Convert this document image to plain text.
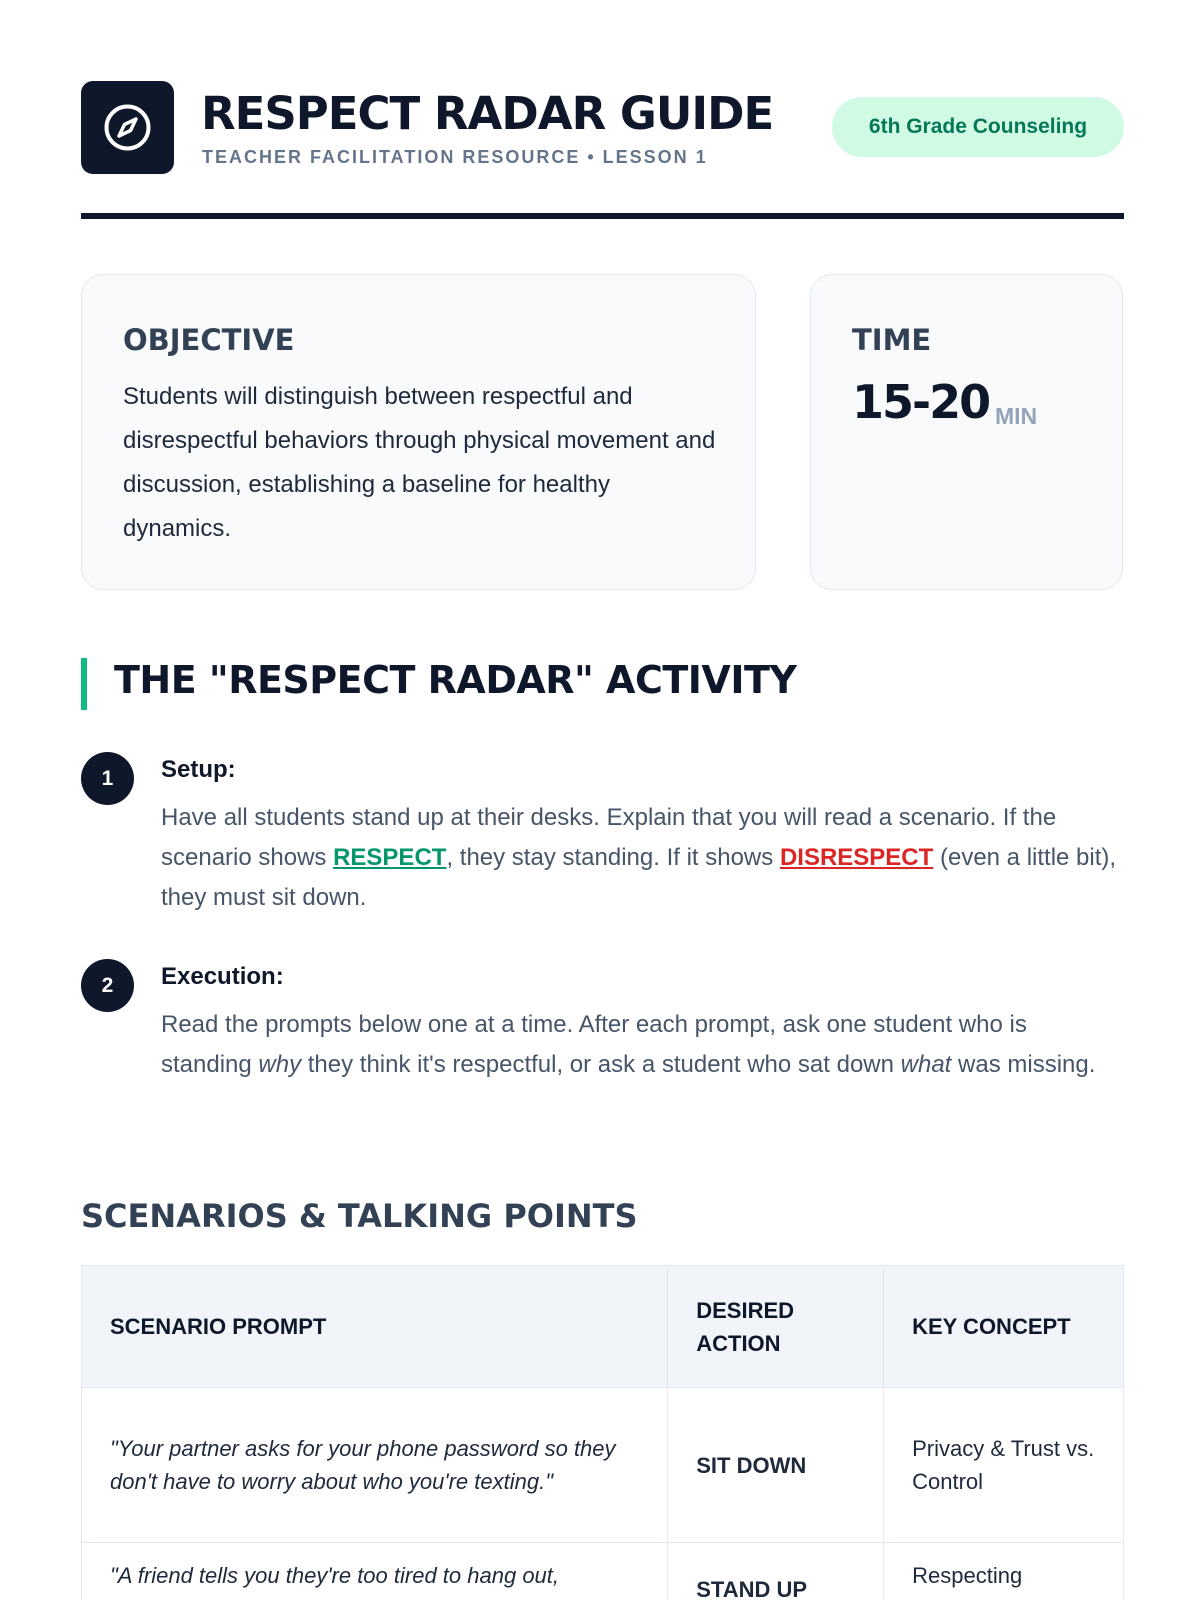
RESPECT RADAR GUIDE
TEACHER FACILITATION RESOURCE • LESSON 1
6th Grade Counseling
OBJECTIVE
Students will distinguish between respectful and disrespectful behaviors through physical movement and discussion, establishing a baseline for healthy dynamics.
TIME
15-20 MIN
THE "RESPECT RADAR" ACTIVITY
1	Setup:
Have all students stand up at their desks. Explain that you will read a scenario. If the scenario shows RESPECT, they stay standing. If it shows DISRESPECT (even a little bit), they must sit down.
2	Execution:
Read the prompts below one at a time. After each prompt, ask one student who is standing why they think it's respectful, or ask a student who sat down what was missing.
SCENARIOS & TALKING POINTS
SCENARIO PROMPT	DESIRED ACTION	KEY CONCEPT
"Your partner asks for your phone password so they don't have to worry about who you're texting."	SIT DOWN	Privacy & Trust vs. Control
"A friend tells you they're too tired to hang out,	STAND UP	Respecting
